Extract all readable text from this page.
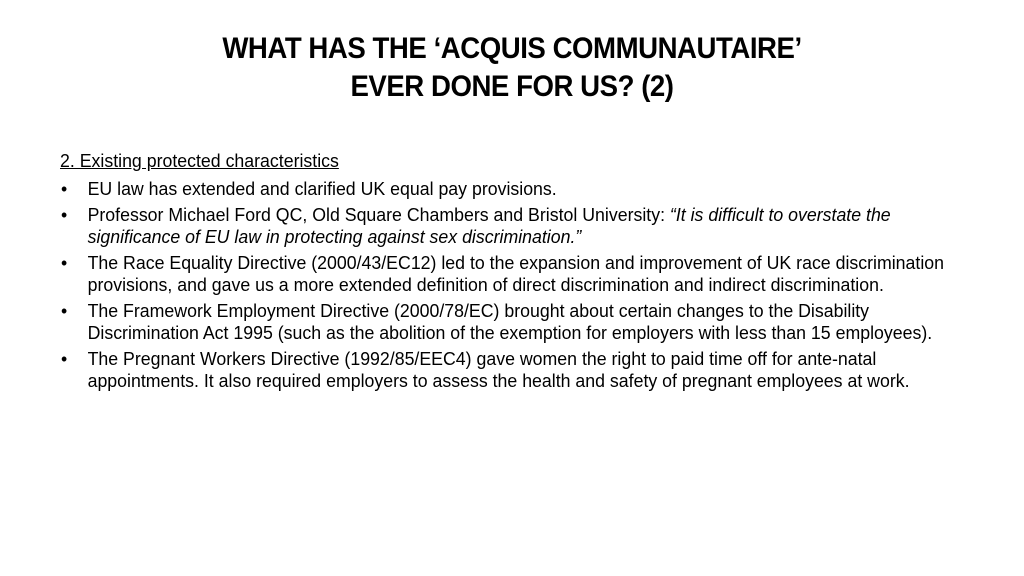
WHAT HAS THE ‘ACQUIS COMMUNAUTAIRE’
EVER DONE FOR US? (2)
2. Existing protected characteristics
• EU law has extended and clarified UK equal pay provisions.
• Professor Michael Ford QC, Old Square Chambers and Bristol University: “It is difficult to overstate the significance of EU law in protecting against sex discrimination.”
• The Race Equality Directive (2000/43/EC12) led to the expansion and improvement of UK race discrimination provisions, and gave us a more extended definition of direct discrimination and indirect discrimination.
• The Framework Employment Directive (2000/78/EC) brought about certain changes to the Disability Discrimination Act 1995 (such as the abolition of the exemption for employers with less than 15 employees).
• The Pregnant Workers Directive (1992/85/EEC4) gave women the right to paid time off for ante-natal appointments. It also required employers to assess the health and safety of pregnant employees at work.
